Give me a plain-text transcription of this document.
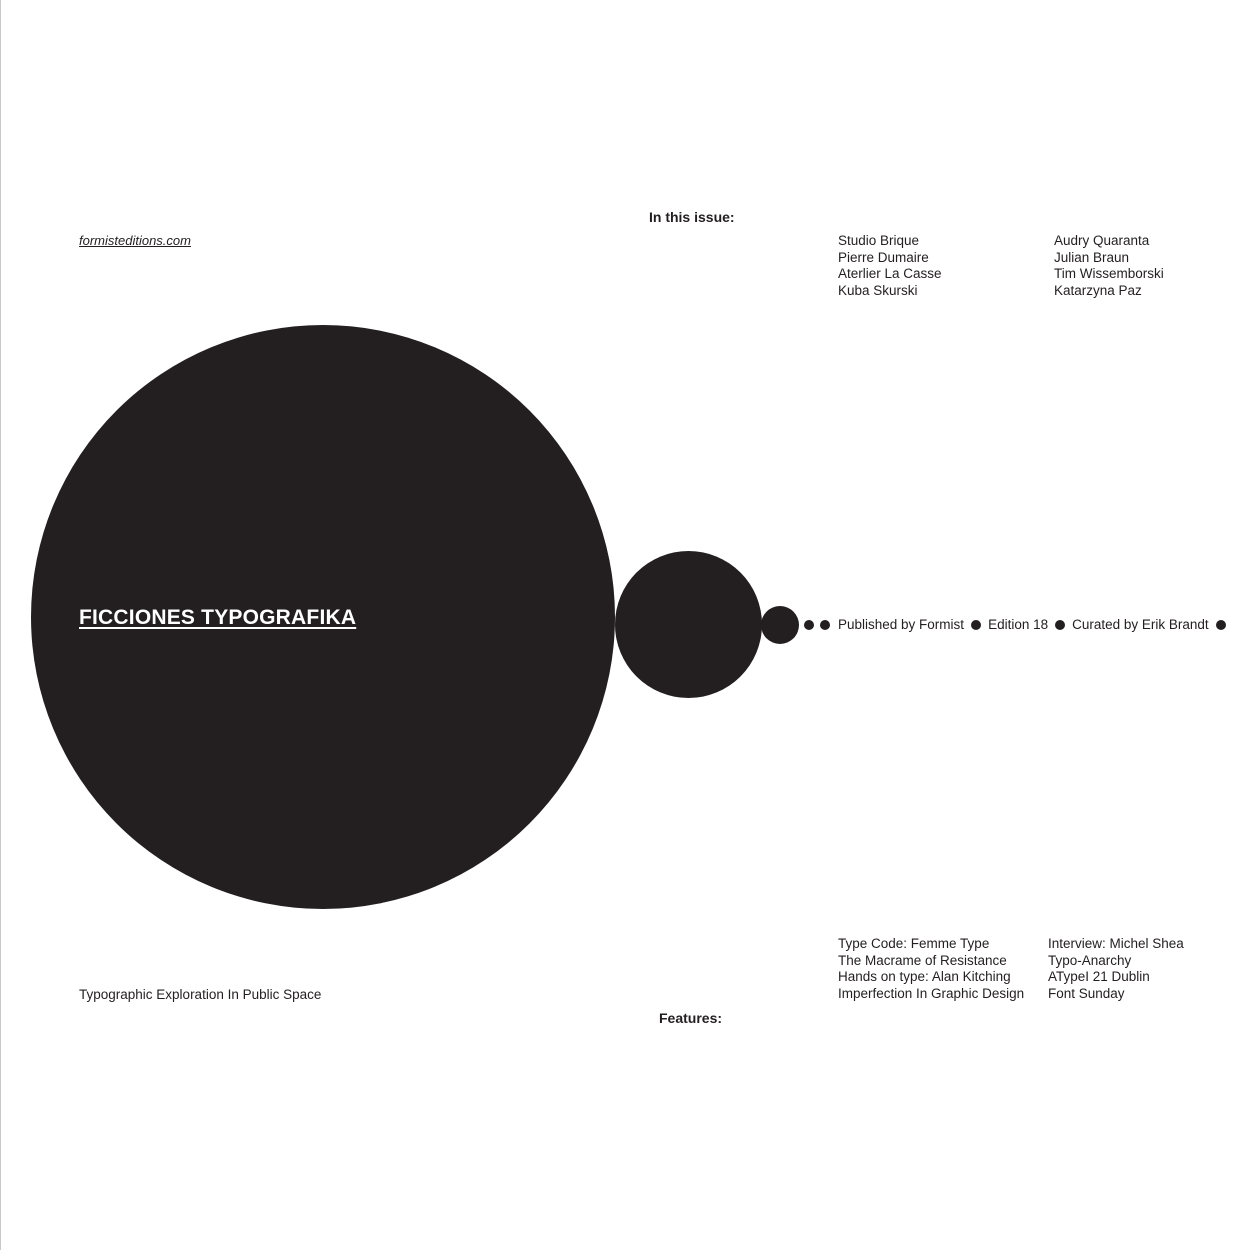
formisteditions.com
In this issue:
Studio Brique
Pierre Dumaire
Aterlier La Casse
Kuba Skurski
Audry Quaranta
Julian Braun
Tim Wissemborski
Katarzyna Paz
FICCIONES TYPOGRAFIKA	Published by Formist Edition 18 Curated by Erik Brandt
Type Code: Femme Type
The Macrame of Resistance
Hands on type: Alan Kitching
Imperfection In Graphic Design
Interview: Michel Shea
Typo-Anarchy
ATypeI 21 Dublin
Font Sunday
Typographic Exploration In Public Space
Features:
